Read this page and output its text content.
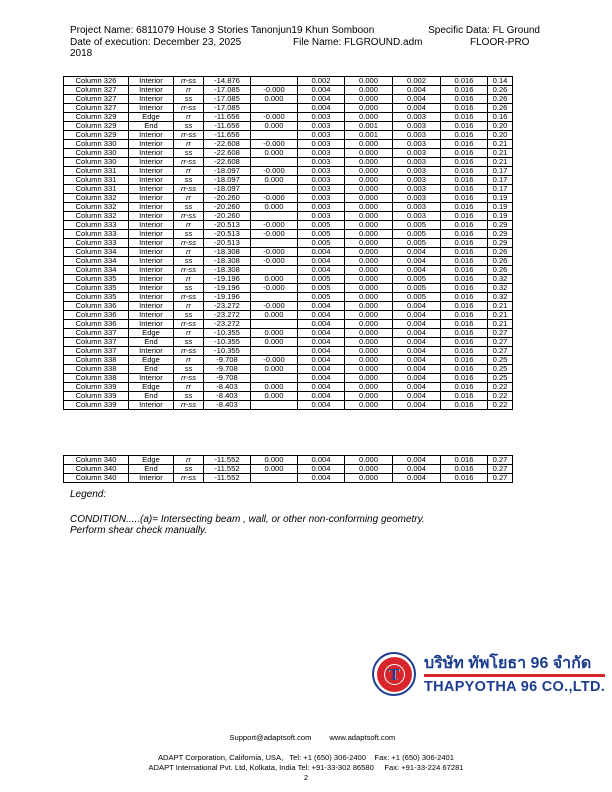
Project Name: 6811079 House 3 Stories Tanonjun19 Khun Somboon	Specific Data: FL Ground
Date of execution: December 23, 2025	File Name: FLGROUND.adm	FLOOR-PRO
2018
Column 326	Interior	rr-ss	-14.876		0.002	0.000	0.002	0.016	0.14
Column 327	Interior	rr	-17.085	-0.000	0.004	0.000	0.004	0.016	0.26
Column 327	Interior	ss	-17.085	0.000	0.004	0.000	0.004	0.016	0.26
Column 327	Interior	rr-ss	-17.085		0.004	0.000	0.004	0.016	0.26
Column 329	Edge	rr	-11.656	-0.000	0.003	0.000	0.003	0.016	0.16
Column 329	End	ss	-11.656	0.000	0.003	0.001	0.003	0.016	0.20
Column 329	Interior	rr-ss	-11.656		0.003	0.001	0.003	0.016	0.20
Column 330	Interior	rr	-22.608	-0.000	0.003	0.000	0.003	0.016	0.21
Column 330	Interior	ss	-22.608	0.000	0.003	0.000	0.003	0.016	0.21
Column 330	Interior	rr-ss	-22.608		0.003	0.000	0.003	0.016	0.21
Column 331	Interior	rr	-18.097	-0.000	0.003	0.000	0.003	0.016	0.17
Column 331	Interior	ss	-18.097	0.000	0.003	0.000	0.003	0.016	0.17
Column 331	Interior	rr-ss	-18.097		0.003	0.000	0.003	0.016	0.17
Column 332	Interior	rr	-20.260	-0.000	0.003	0.000	0.003	0.016	0.19
Column 332	Interior	ss	-20.260	0.000	0.003	0.000	0.003	0.016	0.19
Column 332	Interior	rr-ss	-20.260		0.003	0.000	0.003	0.016	0.19
Column 333	Interior	rr	-20.513	-0.000	0.005	0.000	0.005	0.016	0.29
Column 333	Interior	ss	-20.513	-0.000	0.005	0.000	0.005	0.016	0.29
Column 333	Interior	rr-ss	-20.513		0.005	0.000	0.005	0.016	0.29
Column 334	Interior	rr	-18.308	-0.000	0.004	0.000	0.004	0.016	0.26
Column 334	Interior	ss	-18.308	-0.000	0.004	0.000	0.004	0.016	0.26
Column 334	Interior	rr-ss	-18.308		0.004	0.000	0.004	0.016	0.26
Column 335	Interior	rr	-19.196	0.000	0.005	0.000	0.005	0.016	0.32
Column 335	Interior	ss	-19.196	-0.000	0.005	0.000	0.005	0.016	0.32
Column 335	Interior	rr-ss	-19.196		0.005	0.000	0.005	0.016	0.32
Column 336	Interior	rr	-23.272	-0.000	0.004	0.000	0.004	0.016	0.21
Column 336	Interior	ss	-23.272	0.000	0.004	0.000	0.004	0.016	0.21
Column 336	Interior	rr-ss	-23.272		0.004	0.000	0.004	0.016	0.21
Column 337	Edge	rr	-10.355	0.000	0.004	0.000	0.004	0.016	0.27
Column 337	End	ss	-10.355	0.000	0.004	0.000	0.004	0.016	0.27
Column 337	Interior	rr-ss	-10.355		0.004	0.000	0.004	0.016	0.27
Column 338	Edge	rr	-9.708	-0.000	0.004	0.000	0.004	0.016	0.25
Column 338	End	ss	-9.708	0.000	0.004	0.000	0.004	0.016	0.25
Column 338	Interior	rr-ss	-9.708		0.004	0.000	0.004	0.016	0.25
Column 339	Edge	rr	-8.403	0.000	0.004	0.000	0.004	0.016	0.22
Column 339	End	ss	-8.403	0.000	0.004	0.000	0.004	0.016	0.22
Column 339	Interior	rr-ss	-8.403		0.004	0.000	0.004	0.016	0.22
Column 340	Edge	rr	-11.552	0.000	0.004	0.000	0.004	0.016	0.27
Column 340	End	ss	-11.552	0.000	0.004	0.000	0.004	0.016	0.27
Column 340	Interior	rr-ss	-11.552		0.004	0.000	0.004	0.016	0.27
Legend:
CONDITION.....(a)= Intersecting beam , wall, or other non-conforming geometry.
Perform shear check manually.
T
บริษัท ทัพโยธา 96 จำกัด
THAPYOTHA 96 CO.,LTD.

Support@adaptsoft.com www.adaptsoft.com

ADAPT Corporation, California, USA,   Tel: +1 (650) 306-2400    Fax: +1 (650) 306-2401
ADAPT International Pvt. Ltd, Kolkata, India Tel: +91-33-302 86580     Fax: +91-33-224 67281
2
